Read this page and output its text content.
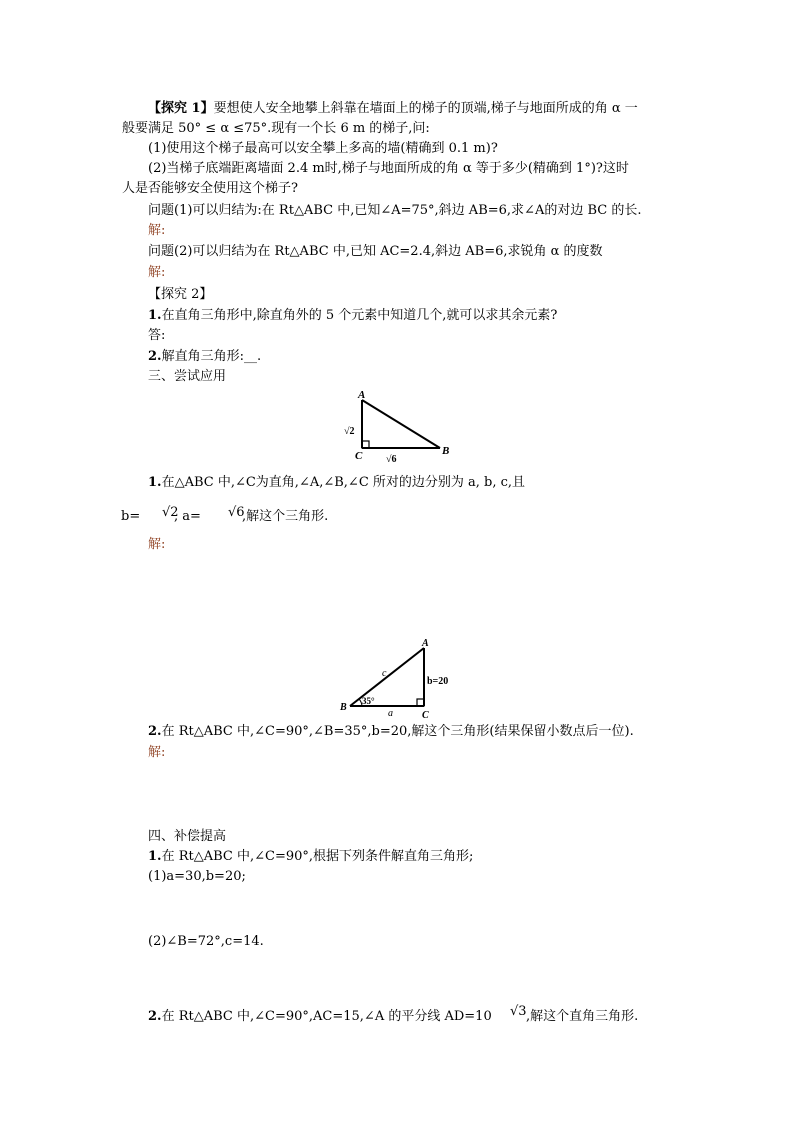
【探究 1】要想使人安全地攀上斜靠在墙面上的梯子的顶端,梯子与地面所成的角 α 一
般要满足 50° ≤ α ≤75°.现有一个长 6 m 的梯子,问:
(1)使用这个梯子最高可以安全攀上多高的墙(精确到 0.1 m)?
(2)当梯子底端距离墙面 2.4 m时,梯子与地面所成的角 α 等于多少(精确到 1°)?这时
人是否能够安全使用这个梯子?
问题(1)可以归结为:在 Rt△ABC 中,已知∠A=75°,斜边 AB=6,求∠A的对边 BC 的长.
解:
问题(2)可以归结为在 Rt△ABC 中,已知 AC=2.4,斜边 AB=6,求锐角 α 的度数
解:
【探究 2】
1.在直角三角形中,除直角外的 5 个元素中知道几个,就可以求其余元素?
答:
2.解直角三角形:__.
三、尝试应用
A
C	B
√2
√6
1.在△ABC 中,∠C为直角,∠A,∠B,∠C 所对的边分别为 a, b, c,且
b= √2
, a= √6
,解这个三角形.
解:
A
B
C
c
a
b=20
35°
2.在 Rt△ABC 中,∠C=90°,∠B=35°,b=20,解这个三角形(结果保留小数点后一位).
解:
四、补偿提高
1.在 Rt△ABC 中,∠C=90°,根据下列条件解直角三角形;
(1)a=30,b=20;
(2)∠B=72°,c=14.
2.在 Rt△ABC 中,∠C=90°,AC=15,∠A 的平分线 AD=10 √3 ,解这个直角三角形.
